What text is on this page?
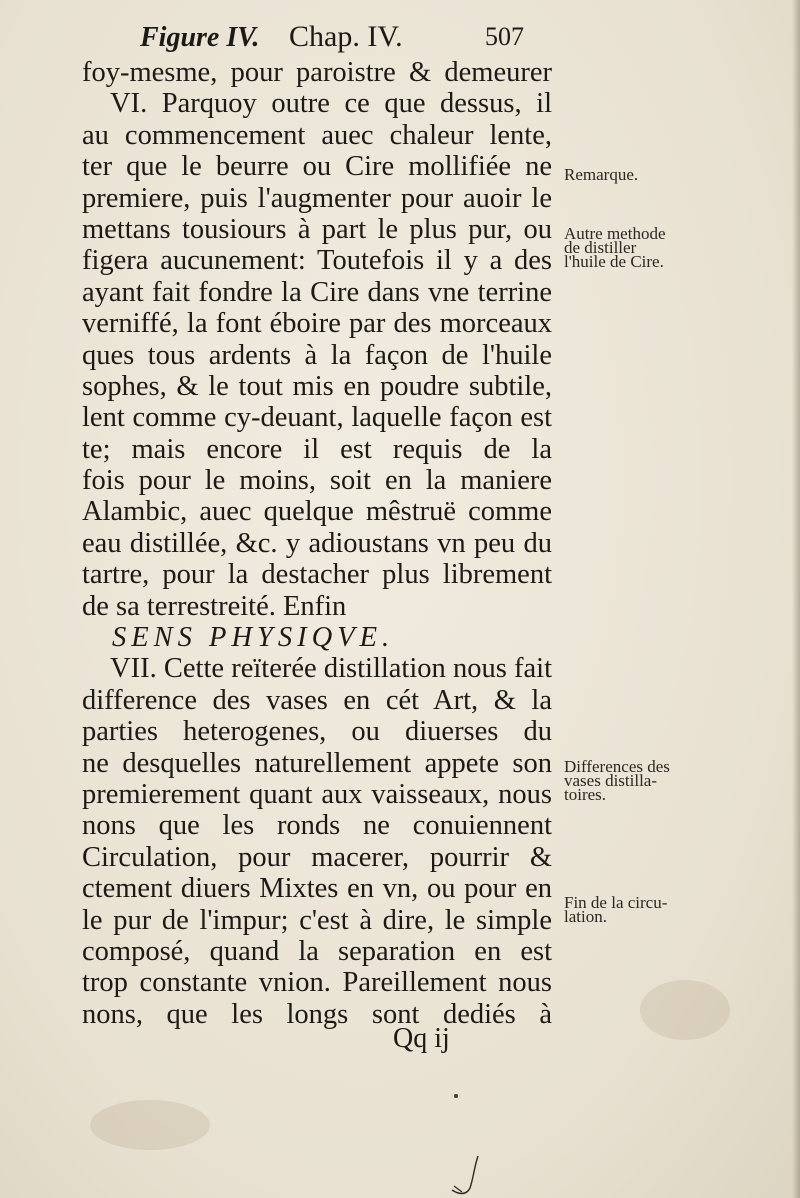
Figure IV. Chap. IV.	507
foy-mesme, pour paroistre & demeurer
VI. Parquoy outre ce que dessus, il
au commencement auec chaleur lente,
ter que le beurre ou Cire mollifiée ne
premiere, puis l'augmenter pour auoir le
mettans tousiours à part le plus pur, ou
figera aucunement: Toutefois il y a des
ayant fait fondre la Cire dans vne terrine
verniffé, la font éboire par des morceaux
ques tous ardents à la façon de l'huile
sophes, & le tout mis en poudre subtile,
lent comme cy-deuant, laquelle façon est
te; mais encore il est requis de la
fois pour le moins, soit en la maniere
Alambic, auec quelque mêstruë comme
eau distillée, &c. y adioustans vn peu du
tartre, pour la destacher plus librement
de sa terrestreité. Enfin
SENS PHYSIQVE.
VII. Cette reïterée distillation nous fait
difference des vases en cét Art, & la
parties heterogenes, ou diuerses du
ne desquelles naturellement appete son
premierement quant aux vaisseaux, nous
nons que les ronds ne conuiennent
Circulation, pour macerer, pourrir &
ctement diuers Mixtes en vn, ou pour en
le pur de l'impur; c'est à dire, le simple
composé, quand la separation en est
trop constante vnion. Pareillement nous
nons, que les longs sont dediés à
Remarque.
Autre methode
de distiller
l'huile de Cire.
Differences des
vases distilla-
toires.
Fin de la circu-
lation.
Qq ij
